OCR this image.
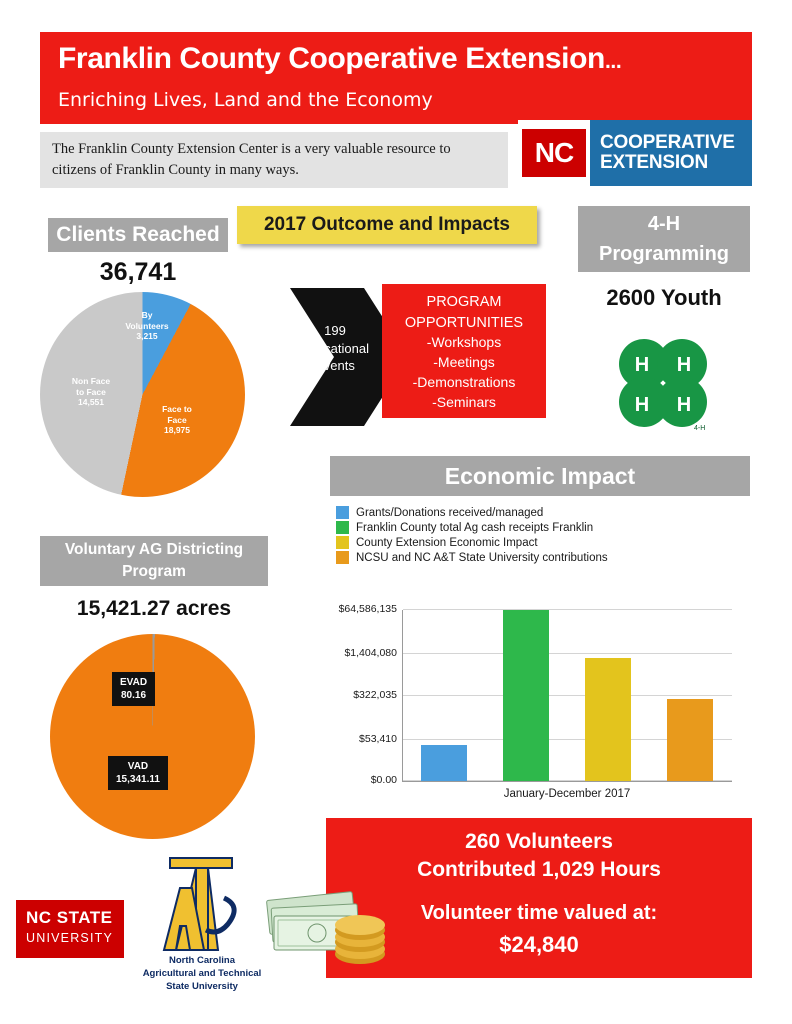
Franklin County Cooperative Extension...
Enriching Lives, Land and the Economy
The Franklin County Extension Center is a very valuable resource to citizens of Franklin County in many ways.
NC	COOPERATIVE
EXTENSION
Clients Reached
36,741
2017 Outcome and Impacts	4-H
Programming
2600 Youth
By
Volunteers
3,215
Face to
Face
18,975
Non Face
to Face
14,551
199
Educational
Events
PROGRAM
OPPORTUNITIES
-Workshops
-Meetings
-Demonstrations
-Seminars
H H
H H
4-H
Economic Impact
Grants/Donations received/managed
Franklin County total Ag cash receipts Franklin
County Extension Economic Impact
NCSU and NC A&T State University contributions
$64,586,135
$1,404,080
$322,035
$53,410
$0.00
January-December 2017
Voluntary AG Districting
Program
15,421.27 acres
EVAD
80.16
VAD
15,341.11
260 Volunteers
Contributed 1,029 Hours
Volunteer time valued at:
$24,840
NC STATE
UNIVERSITY
North Carolina
Agricultural and Technical
State University
